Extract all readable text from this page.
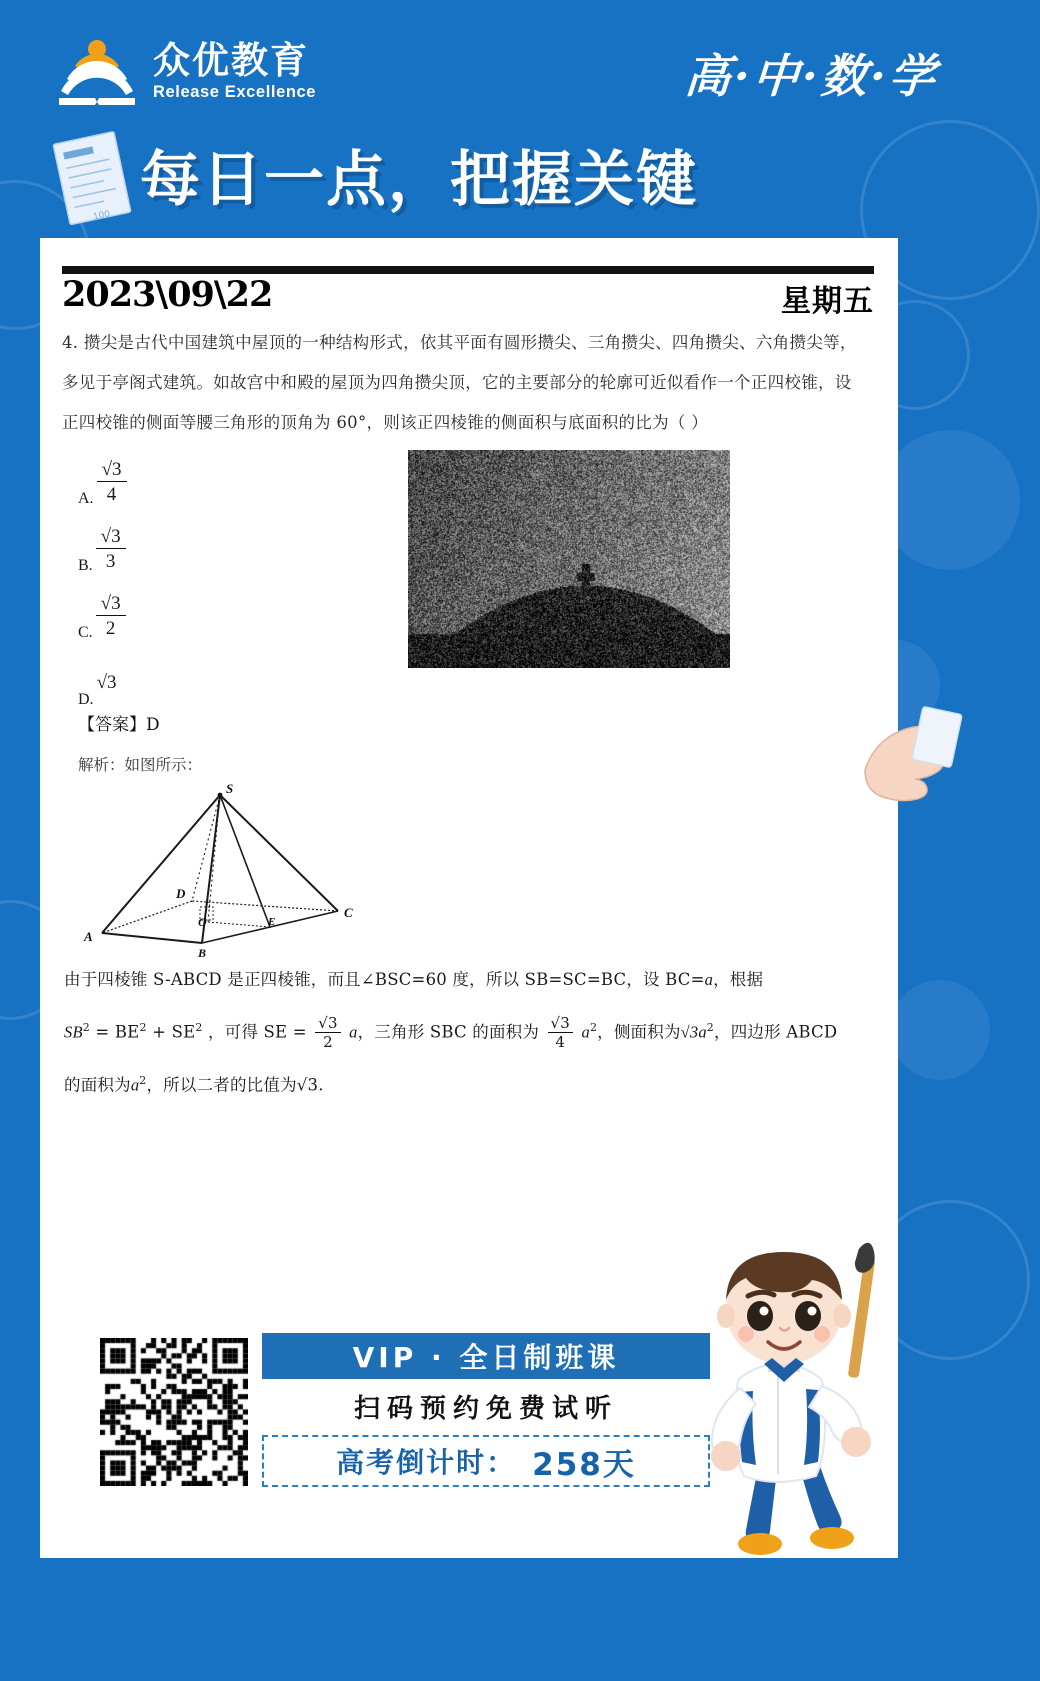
众优教育
Release Excellence	高·中·数·学
100
每日一点，把握关键
2023\09\22	星期五
4. 攒尖是古代中国建筑中屋顶的一种结构形式，依其平面有圆形攒尖、三角攒尖、四角攒尖、六角攒尖等，
多见于亭阁式建筑。如故宫中和殿的屋顶为四角攒尖顶，它的主要部分的轮廓可近似看作一个正四校锥，设
正四校锥的侧面等腰三角形的顶角为 60°，则该正四棱锥的侧面积与底面积的比为（ ）
A. $\frac{√3}{4}$
B. $\frac{√3}{3}$
C. $\frac{√3}{2}$
D.
√3
【答案】D
解析：如图所示：
S
D
C
A
O	E
B
由于四棱锥 S-ABCD 是正四棱锥，而且∠BSC=60 度，所以 SB=SC=BC，设 BC=a，根据
$SB^2 = BE^2 + SE^2$ ，可得 SE = $\frac{√3}{2}$ a，三角形 SBC 的面积为 $\frac{√3}{4} a^2$，侧面积为$√3a^2$，四边形 ABCD
的面积为$a^2$，所以二者的比值为√3.
VIP · 全日制班课
扫码预约免费试听
高考倒计时： 258天
